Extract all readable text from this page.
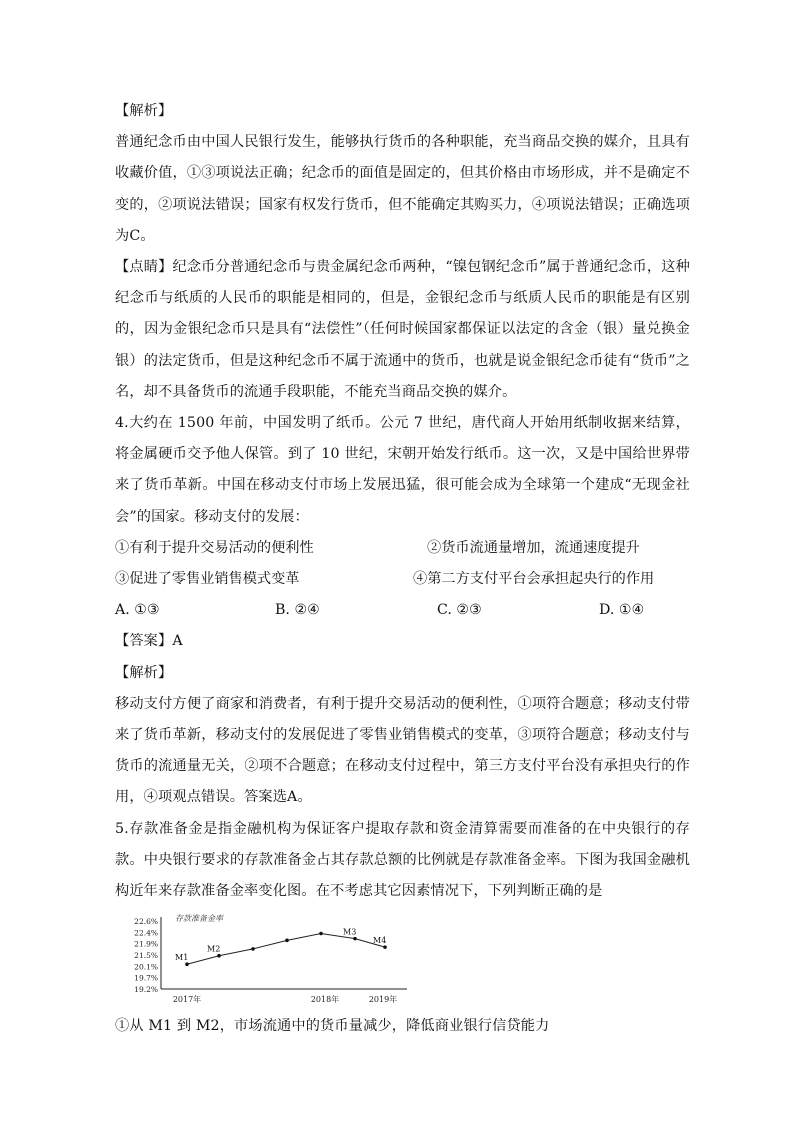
【解析】

普通纪念币由中国人民银行发生，能够执行货币的各种职能，充当商品交换的媒介，且具有收藏价值，①③项说法正确；纪念币的面值是固定的，但其价格由市场形成，并不是确定不变的，②项说法错误；国家有权发行货币，但不能确定其购买力，④项说法错误；正确选项为C。

【点睛】纪念币分普通纪念币与贵金属纪念币两种，“镍包钢纪念币”属于普通纪念币，这种纪念币与纸质的人民币的职能是相同的，但是，金银纪念币与纸质人民币的职能是有区别的，因为金银纪念币只是具有“法偿性”（任何时候国家都保证以法定的含金（银）量兑换金银）的法定货币，但是这种纪念币不属于流通中的货币，也就是说金银纪念币徒有“货币”之名，却不具备货币的流通手段职能，不能充当商品交换的媒介。

4.大约在 1500 年前，中国发明了纸币。公元 7 世纪，唐代商人开始用纸制收据来结算，将金属硬币交予他人保管。到了 10 世纪，宋朝开始发行纸币。这一次，又是中国给世界带来了货币革新。中国在移动支付市场上发展迅猛，很可能会成为全球第一个建成“无现金社会”的国家。移动支付的发展：

①有利于提升交易活动的便利性	②货币流通量增加，流通速度提升
③促进了零售业销售模式变革	④第二方支付平台会承担起央行的作用
A. ①③	B. ②④	C. ②③	D. ①④

【答案】A

【解析】

移动支付方便了商家和消费者，有利于提升交易活动的便利性，①项符合题意；移动支付带来了货币革新，移动支付的发展促进了零售业销售模式的变革，③项符合题意；移动支付与货币的流通量无关，②项不合题意；在移动支付过程中，第三方支付平台没有承担央行的作用，④项观点错误。答案选A。

5.存款准备金是指金融机构为保证客户提取存款和资金清算需要而准备的在中央银行的存款。中央银行要求的存款准备金占其存款总额的比例就是存款准备金率。下图为我国金融机构近年来存款准备金率变化图。在不考虑其它因素情况下，下列判断正确的是

22.6%
22.4%
21.9%
21.5%
20.1%
19.7%
19.2%
存款准备金率
2017年	2018年	2019年
M1
M2
M3
M4

①从 M1 到 M2，市场流通中的货币量减少，降低商业银行信贷能力
